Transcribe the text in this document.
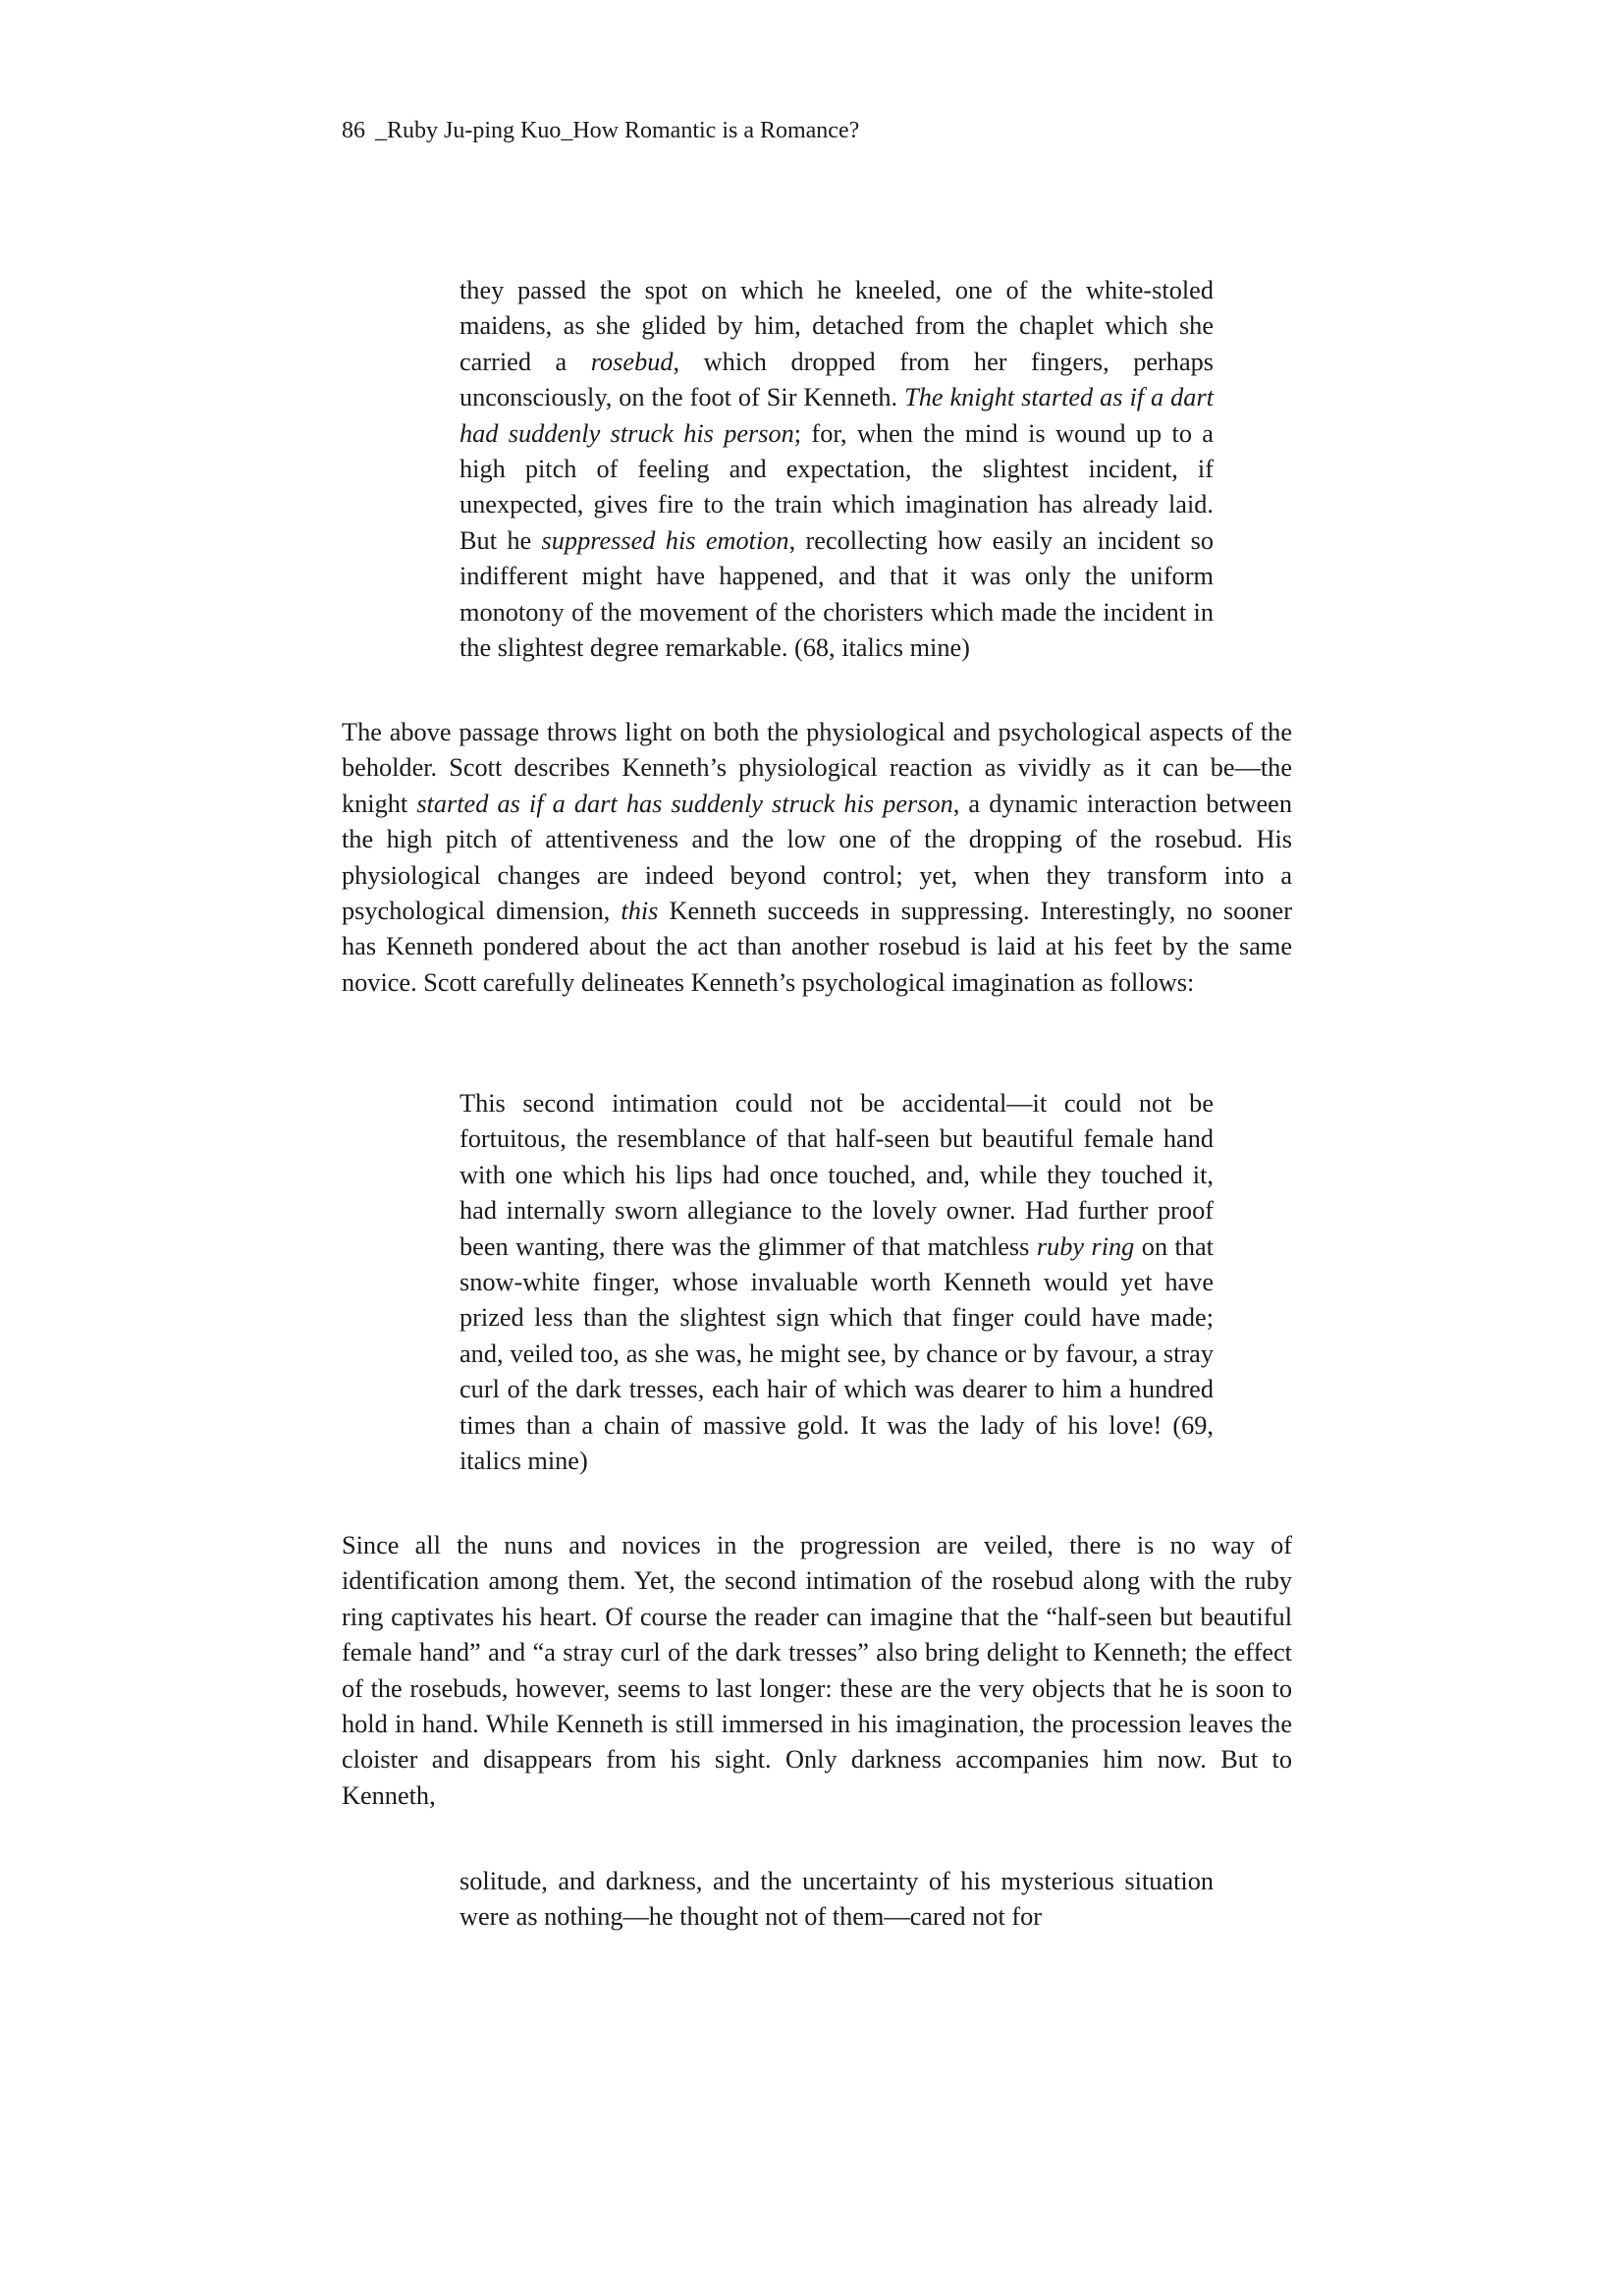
86 _Ruby Ju-ping Kuo_How Romantic is a Romance?

they passed the spot on which he kneeled, one of the white-stoled maidens, as she glided by him, detached from the chaplet which she carried a rosebud, which dropped from her fingers, perhaps unconsciously, on the foot of Sir Kenneth. The knight started as if a dart had suddenly struck his person; for, when the mind is wound up to a high pitch of feeling and expectation, the slightest incident, if unexpected, gives fire to the train which imagination has already laid. But he suppressed his emotion, recollecting how easily an incident so indifferent might have happened, and that it was only the uniform monotony of the movement of the choristers which made the incident in the slightest degree remarkable. (68, italics mine)

The above passage throws light on both the physiological and psychological aspects of the beholder. Scott describes Kenneth’s physiological reaction as vividly as it can be—the knight started as if a dart has suddenly struck his person, a dynamic interaction between the high pitch of attentiveness and the low one of the dropping of the rosebud. His physiological changes are indeed beyond control; yet, when they transform into a psychological dimension, this Kenneth succeeds in suppressing. Interestingly, no sooner has Kenneth pondered about the act than another rosebud is laid at his feet by the same novice. Scott carefully delineates Kenneth’s psychological imagination as follows:

This second intimation could not be accidental—it could not be fortuitous, the resemblance of that half-seen but beautiful female hand with one which his lips had once touched, and, while they touched it, had internally sworn allegiance to the lovely owner. Had further proof been wanting, there was the glimmer of that matchless ruby ring on that snow-white finger, whose invaluable worth Kenneth would yet have prized less than the slightest sign which that finger could have made; and, veiled too, as she was, he might see, by chance or by favour, a stray curl of the dark tresses, each hair of which was dearer to him a hundred times than a chain of massive gold. It was the lady of his love! (69, italics mine)

Since all the nuns and novices in the progression are veiled, there is no way of identification among them. Yet, the second intimation of the rosebud along with the ruby ring captivates his heart. Of course the reader can imagine that the “half-seen but beautiful female hand” and “a stray curl of the dark tresses” also bring delight to Kenneth; the effect of the rosebuds, however, seems to last longer: these are the very objects that he is soon to hold in hand. While Kenneth is still immersed in his imagination, the procession leaves the cloister and disappears from his sight. Only darkness accompanies him now. But to Kenneth,

solitude, and darkness, and the uncertainty of his mysterious situation were as nothing—he thought not of them—cared not for
